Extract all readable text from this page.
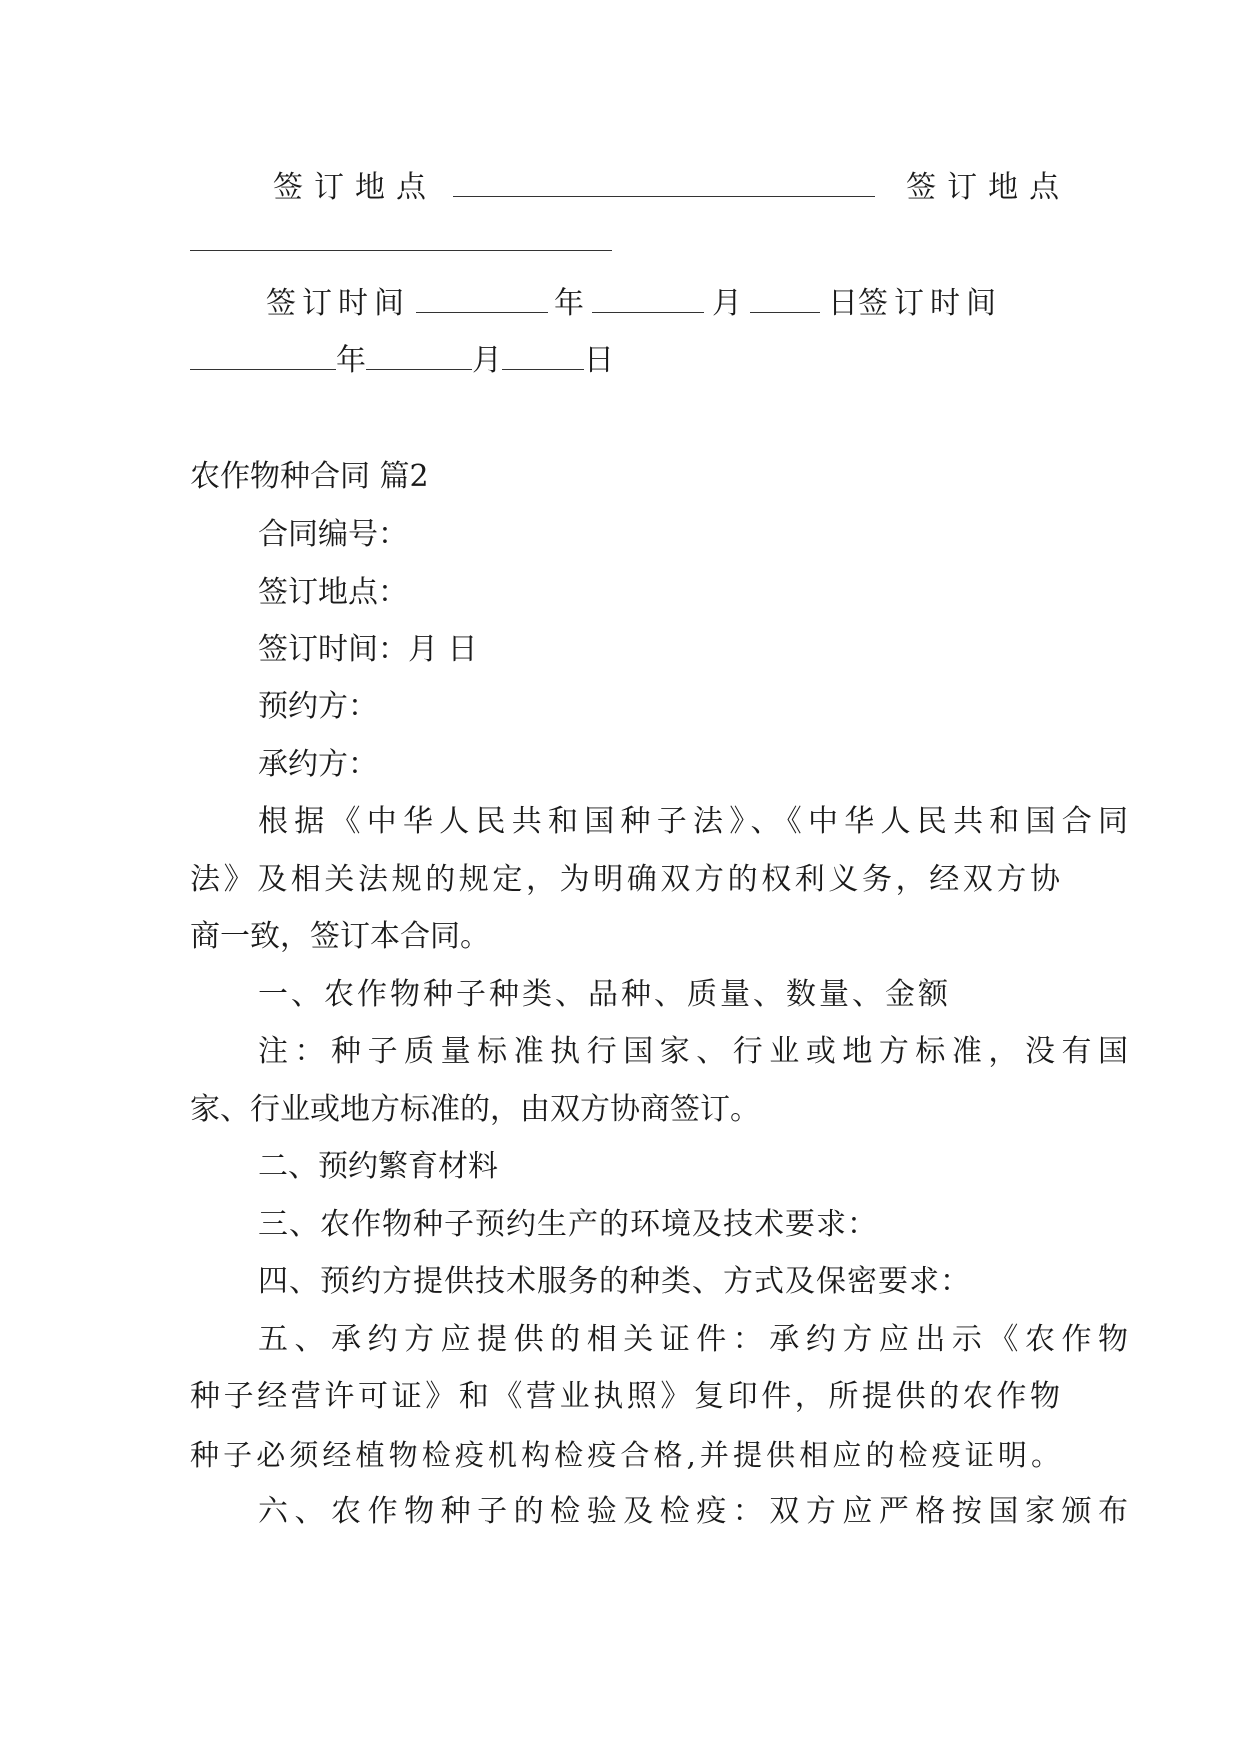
签订地点	签订地点
签订时间	年	月	日签订时间
年	月	日
农作物种合同 篇2
合同编号：
签订地点：
签订时间：月 日
预约方：
承约方：
根据《中华人民共和国种子法》、《中华人民共和国合同
法》及相关法规的规定，为明确双方的权利义务，经双方协
商一致，签订本合同。
一、农作物种子种类、品种、质量、数量、金额
注：种子质量标准执行国家、行业或地方标准，没有国
家、行业或地方标准的，由双方协商签订。
二、预约繁育材料
三、农作物种子预约生产的环境及技术要求：
四、预约方提供技术服务的种类、方式及保密要求：
五、承约方应提供的相关证件：承约方应出示《农作物
种子经营许可证》和《营业执照》复印件，所提供的农作物
种子必须经植物检疫机构检疫合格,并提供相应的检疫证明。
六、农作物种子的检验及检疫：双方应严格按国家颁布
